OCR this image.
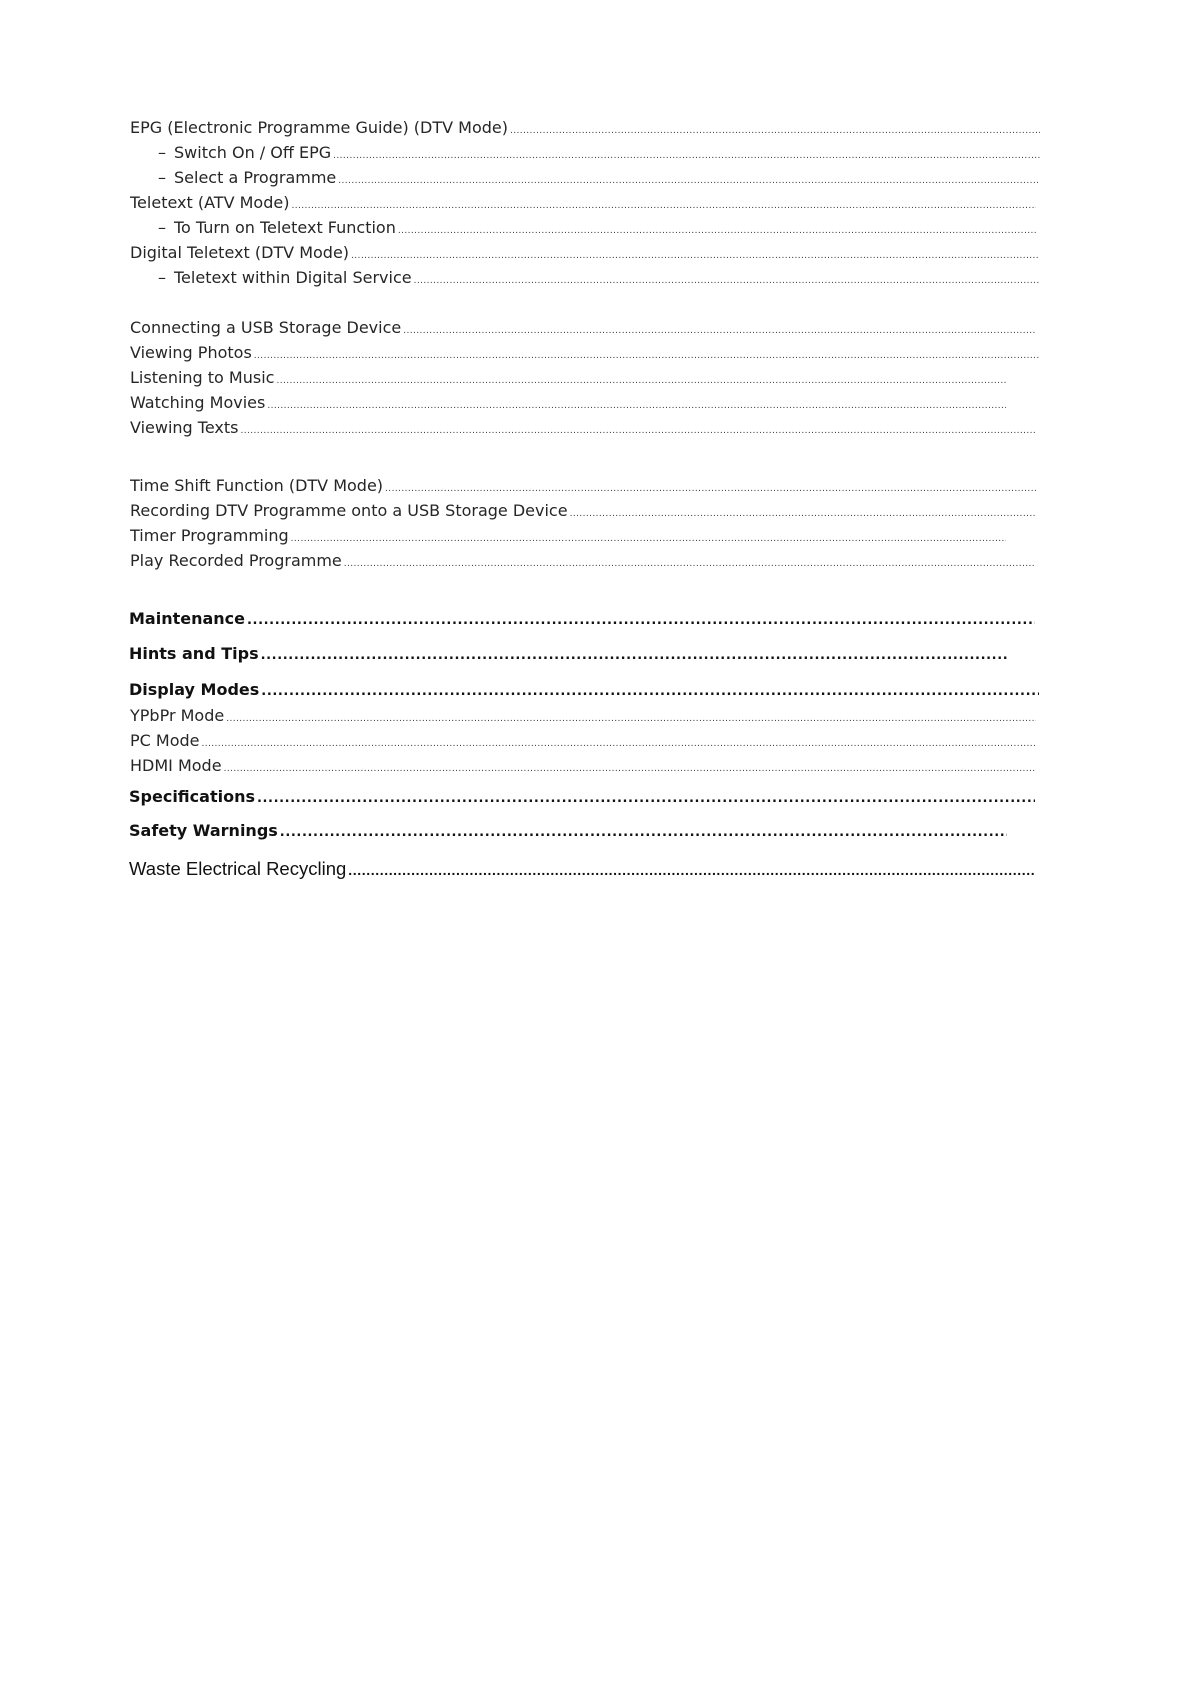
EPG (Electronic Programme Guide) (DTV Mode)
.....
– Switch On / Off EPG
.....
– Select a Programme
.....
Teletext (ATV Mode)
.....
– To Turn on Teletext Function
.....
Digital Teletext (DTV Mode)
.....
– Teletext within Digital Service
.....
Connecting a USB Storage Device
.....
Viewing Photos
.....
Listening to Music
.....
Watching Movies
.....
Viewing Texts
.....
Time Shift Function (DTV Mode)
.....
Recording DTV Programme onto a USB Storage Device
.....
Timer Programming
.....
Play Recorded Programme
.....
Maintenance
.....
Hints and Tips
.....
Display Modes
.....
YPbPr Mode
.....
PC Mode
.....
HDMI Mode
.....
Specifications
.....
Safety Warnings
.....
Waste Electrical Recycling
.....
